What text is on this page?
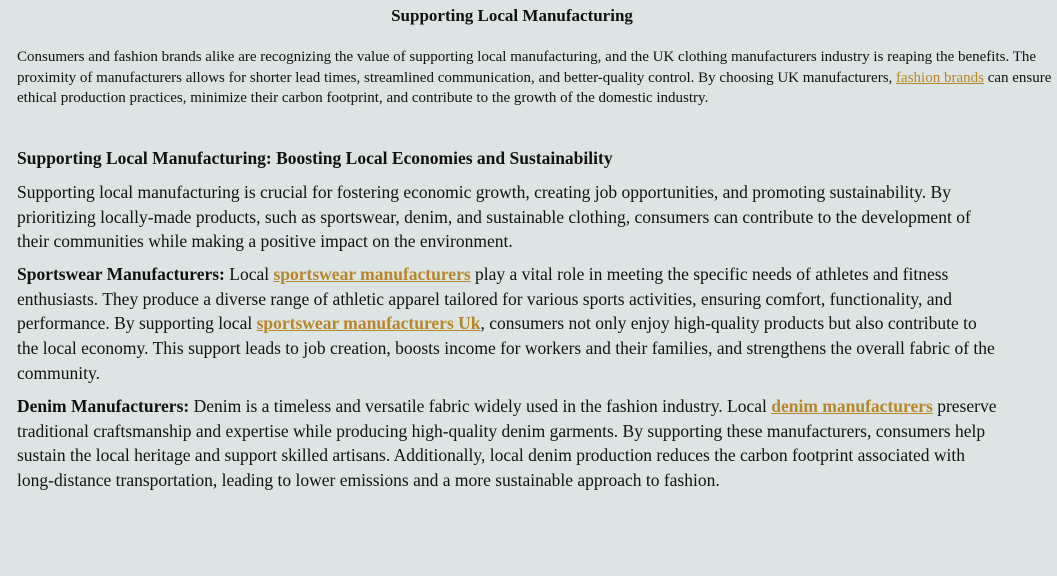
Supporting Local Manufacturing

Consumers and fashion brands alike are recognizing the value of supporting local manufacturing, and the UK clothing manufacturers industry is reaping the benefits. The proximity of manufacturers allows for shorter lead times, streamlined communication, and better-quality control. By choosing UK manufacturers, fashion brands can ensure ethical production practices, minimize their carbon footprint, and contribute to the growth of the domestic industry.

Supporting Local Manufacturing: Boosting Local Economies and Sustainability

Supporting local manufacturing is crucial for fostering economic growth, creating job opportunities, and promoting sustainability. By prioritizing locally-made products, such as sportswear, denim, and sustainable clothing, consumers can contribute to the development of their communities while making a positive impact on the environment.

Sportswear Manufacturers: Local sportswear manufacturers play a vital role in meeting the specific needs of athletes and fitness enthusiasts. They produce a diverse range of athletic apparel tailored for various sports activities, ensuring comfort, functionality, and performance. By supporting local sportswear manufacturers Uk, consumers not only enjoy high-quality products but also contribute to the local economy. This support leads to job creation, boosts income for workers and their families, and strengthens the overall fabric of the community.

Denim Manufacturers: Denim is a timeless and versatile fabric widely used in the fashion industry. Local denim manufacturers preserve traditional craftsmanship and expertise while producing high-quality denim garments. By supporting these manufacturers, consumers help sustain the local heritage and support skilled artisans. Additionally, local denim production reduces the carbon footprint associated with long-distance transportation, leading to lower emissions and a more sustainable approach to fashion.
